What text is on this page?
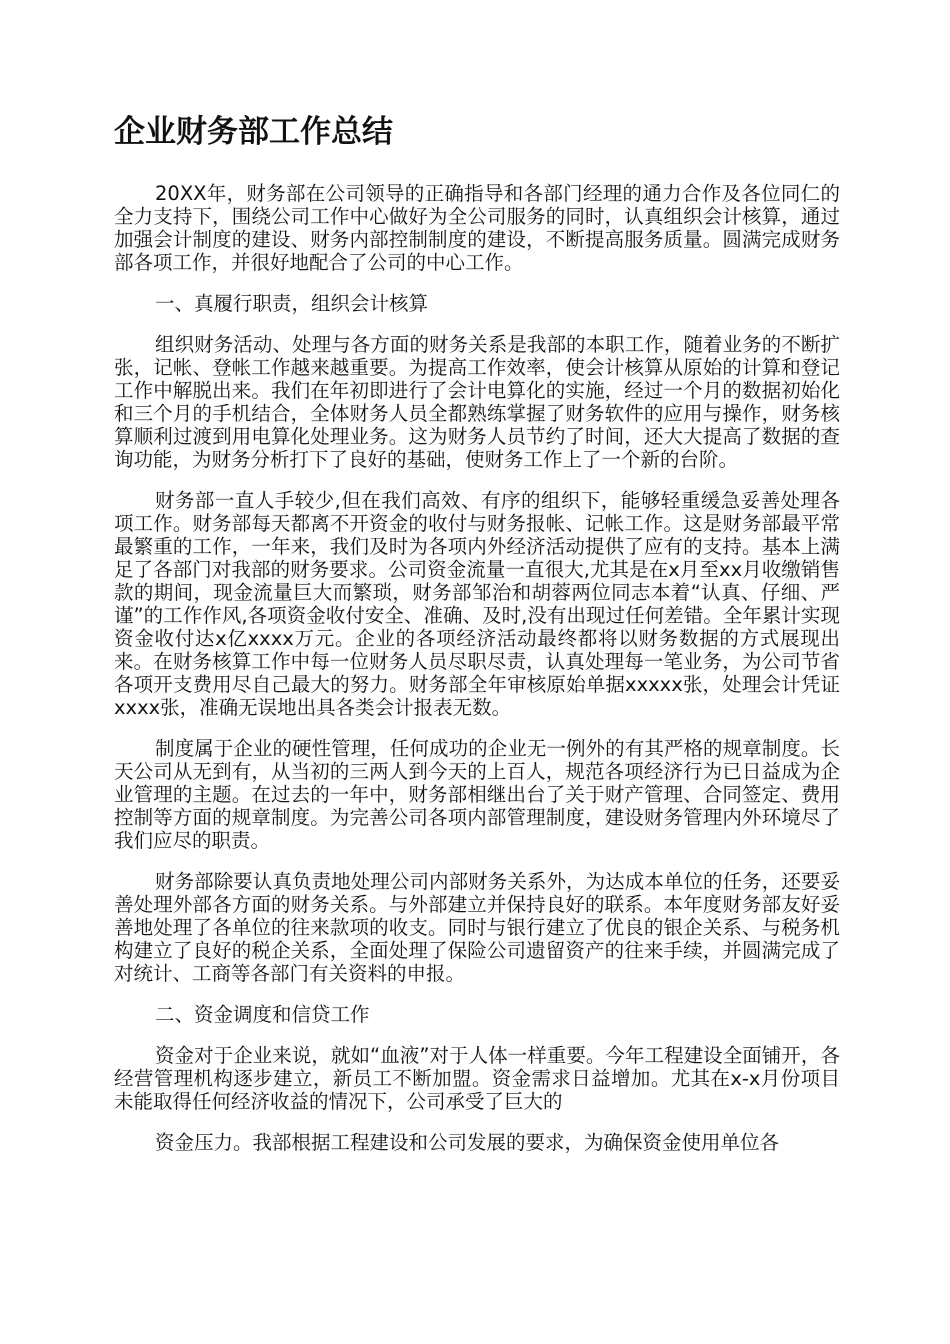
企业财务部工作总结

20XX年，财务部在公司领导的正确指导和各部门经理的通力合作及各位同仁的全力支持下，围绕公司工作中心做好为全公司服务的同时，认真组织会计核算，通过加强会计制度的建设、财务内部控制制度的建设，不断提高服务质量。圆满完成财务部各项工作，并很好地配合了公司的中心工作。

一、真履行职责，组织会计核算

组织财务活动、处理与各方面的财务关系是我部的本职工作，随着业务的不断扩张，记帐、登帐工作越来越重要。为提高工作效率，使会计核算从原始的计算和登记工作中解脱出来。我们在年初即进行了会计电算化的实施，经过一个月的数据初始化和三个月的手机结合，全体财务人员全都熟练掌握了财务软件的应用与操作，财务核算顺利过渡到用电算化处理业务。这为财务人员节约了时间，还大大提高了数据的查询功能，为财务分析打下了良好的基础，使财务工作上了一个新的台阶。

财务部一直人手较少,但在我们高效、有序的组织下，能够轻重缓急妥善处理各项工作。财务部每天都离不开资金的收付与财务报帐、记帐工作。这是财务部最平常最繁重的工作，一年来，我们及时为各项内外经济活动提供了应有的支持。基本上满足了各部门对我部的财务要求。公司资金流量一直很大,尤其是在x月至xx月收缴销售款的期间，现金流量巨大而繁琐，财务部邹治和胡蓉两位同志本着“认真、仔细、严谨”的工作作风,各项资金收付安全、准确、及时,没有出现过任何差错。全年累计实现资金收付达x亿xxxx万元。企业的各项经济活动最终都将以财务数据的方式展现出来。在财务核算工作中每一位财务人员尽职尽责，认真处理每一笔业务，为公司节省各项开支费用尽自己最大的努力。财务部全年审核原始单据xxxxx张，处理会计凭证xxxx张，准确无误地出具各类会计报表无数。

制度属于企业的硬性管理，任何成功的企业无一例外的有其严格的规章制度。长天公司从无到有，从当初的三两人到今天的上百人，规范各项经济行为已日益成为企业管理的主题。在过去的一年中，财务部相继出台了关于财产管理、合同签定、费用控制等方面的规章制度。为完善公司各项内部管理制度，建设财务管理内外环境尽了我们应尽的职责。

财务部除要认真负责地处理公司内部财务关系外，为达成本单位的任务，还要妥善处理外部各方面的财务关系。与外部建立并保持良好的联系。本年度财务部友好妥善地处理了各单位的往来款项的收支。同时与银行建立了优良的银企关系、与税务机构建立了良好的税企关系，全面处理了保险公司遗留资产的往来手续，并圆满完成了对统计、工商等各部门有关资料的申报。

二、资金调度和信贷工作

资金对于企业来说，就如“血液”对于人体一样重要。今年工程建设全面铺开，各经营管理机构逐步建立，新员工不断加盟。资金需求日益增加。尤其在x-x月份项目未能取得任何经济收益的情况下，公司承受了巨大的

资金压力。我部根据工程建设和公司发展的要求，为确保资金使用单位各
